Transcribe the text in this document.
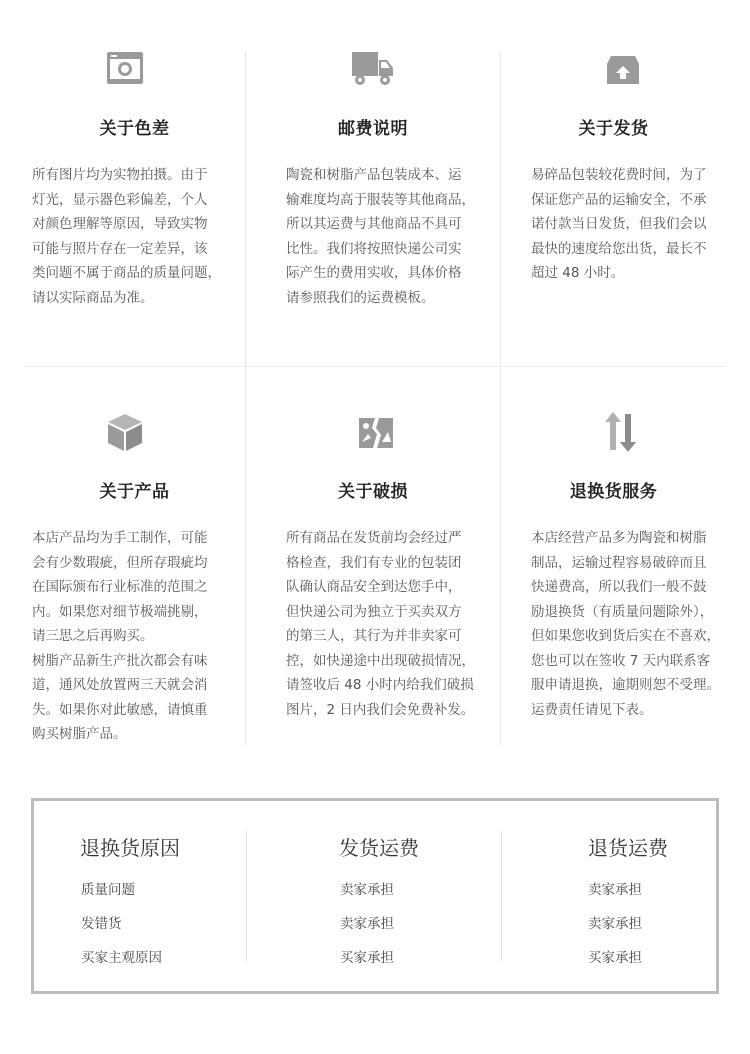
关于色差

所有图片均为实物拍摄。由于

灯光，显示器色彩偏差，个人

对颜色理解等原因，导致实物

可能与照片存在一定差异，该

类问题不属于商品的质量问题，

请以实际商品为准。

邮费说明

陶瓷和树脂产品包装成本、运

输难度均高于服装等其他商品，

所以其运费与其他商品不具可

比性。我们将按照快递公司实

际产生的费用实收，具体价格

请参照我们的运费模板。

关于发货

易碎品包装较花费时间，为了

保证您产品的运输安全，不承

诺付款当日发货，但我们会以

最快的速度给您出货，最长不

超过 48 小时。

关于产品

本店产品均为手工制作，可能

会有少数瑕疵，但所存瑕疵均

在国际颁布行业标准的范围之

内。如果您对细节极端挑剔，

请三思之后再购买。

树脂产品新生产批次都会有味

道，通风处放置两三天就会消

失。如果你对此敏感，请慎重

购买树脂产品。

关于破损

所有商品在发货前均会经过严

格检查，我们有专业的包装团

队确认商品安全到达您手中，

但快递公司为独立于买卖双方

的第三人，其行为并非卖家可

控，如快递途中出现破损情况，

请签收后 48 小时内给我们破损

图片，2 日内我们会免费补发。

退换货服务

本店经营产品多为陶瓷和树脂

制品，运输过程容易破碎而且

快递费高，所以我们一般不鼓

励退换货（有质量问题除外），

但如果您收到货后实在不喜欢，

您也可以在签收 7 天内联系客

服申请退换，逾期则恕不受理。

运费责任请见下表。

退换货原因	发货运费	退货运费
质量问题	卖家承担	卖家承担
发错货	卖家承担	卖家承担
买家主观原因	买家承担	买家承担
